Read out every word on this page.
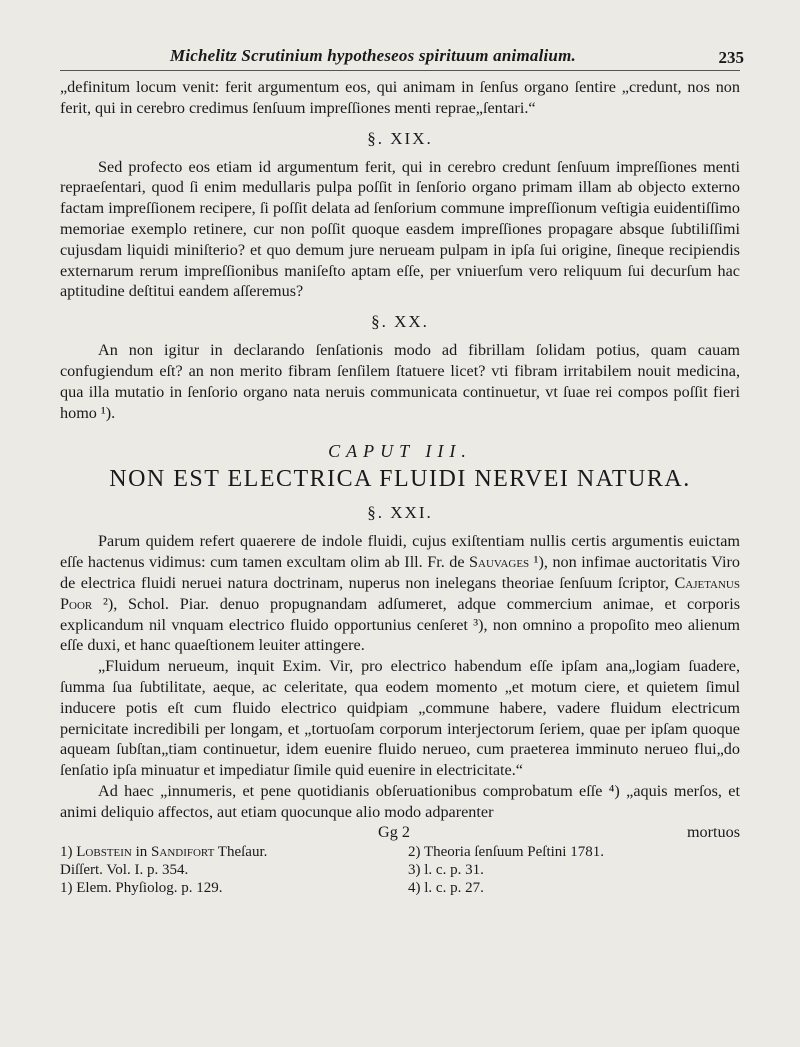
Michelitz Scrutinium hypotheseos spirituum animalium.	235

„definitum locum venit: ferit argumentum eos, qui animam in ſenſus organo ſentire „credunt, nos non ferit, qui in cerebro credimus ſenſuum impreſſiones menti reprae„ſentari.“

§. XIX.

Sed profecto eos etiam id argumentum ferit, qui in cerebro credunt ſenſuum impreſſiones menti repraeſentari, quod ſi enim medullaris pulpa poſſit in ſenſorio organo primam illam ab objecto externo factam impreſſionem recipere, ſi poſſit delata ad ſenſorium commune impreſſionum veſtigia euidentiſſimo memoriae exemplo retinere, cur non poſſit quoque easdem impreſſiones propagare absque ſubtiliſſimi cujusdam liquidi miniſterio? et quo demum jure nerueam pulpam in ipſa ſui origine, ſineque recipiendis externarum rerum impreſſionibus maniſeſto aptam eſſe, per vniuerſum vero reliquum ſui decurſum hac aptitudine deſtitui eandem aſſeremus?

§. XX.

An non igitur in declarando ſenſationis modo ad fibrillam ſolidam potius, quam cauam confugiendum eſt? an non merito fibram ſenſilem ſtatuere licet? vti fibram irritabilem nouit medicina, qua illa mutatio in ſenſorio organo nata neruis communicata continuetur, vt ſuae rei compos poſſit fieri homo ¹).

CAPUT III.
NON EST ELECTRICA FLUIDI NERVEI NATURA.
§. XXI.

Parum quidem refert quaerere de indole fluidi, cujus exiſtentiam nullis certis argumentis euictam eſſe hactenus vidimus: cum tamen excultam olim ab Ill. Fr. de Sauvages ¹), non infimae auctoritatis Viro de electrica fluidi neruei natura doctrinam, nuperus non inelegans theoriae ſenſuum ſcriptor, Cajetanus Poor ²), Schol. Piar. denuo propugnandam adſumeret, adque commercium animae, et corporis explicandum nil vnquam electrico fluido opportunius cenſeret ³), non omnino a propoſito meo alienum eſſe duxi, et hanc quaeſtionem leuiter attingere.

„Fluidum nerueum, inquit Exim. Vir, pro electrico habendum eſſe ipſam ana„logiam ſuadere, ſumma ſua ſubtilitate, aeque, ac celeritate, qua eodem momento „et motum ciere, et quietem ſimul inducere potis eſt cum fluido electrico quidpiam „commune habere, vadere fluidum electricum pernicitate incredibili per longam, et „tortuoſam corporum interjectorum ſeriem, quae per ipſam quoque aqueam ſubſtan„tiam continuetur, idem euenire fluido nerueo, cum praeterea imminuto nerueo flui„do ſenſatio ipſa minuatur et impediatur ſimile quid euenire in electricitate.“

Ad haec „innumeris, et pene quotidianis obſeruationibus comprobatum eſſe ⁴) „aquis merſos, et animi deliquio affectos, aut etiam quocunque alio modo adparenter

Gg 2	mortuos
1) Lobstein in Sandifort Theſaur.
Diſſert. Vol. I. p. 354.
1) Elem. Phyſiolog. p. 129.
2) Theoria ſenſuum Peſtini 1781.
3) l. c. p. 31.
4) l. c. p. 27.
